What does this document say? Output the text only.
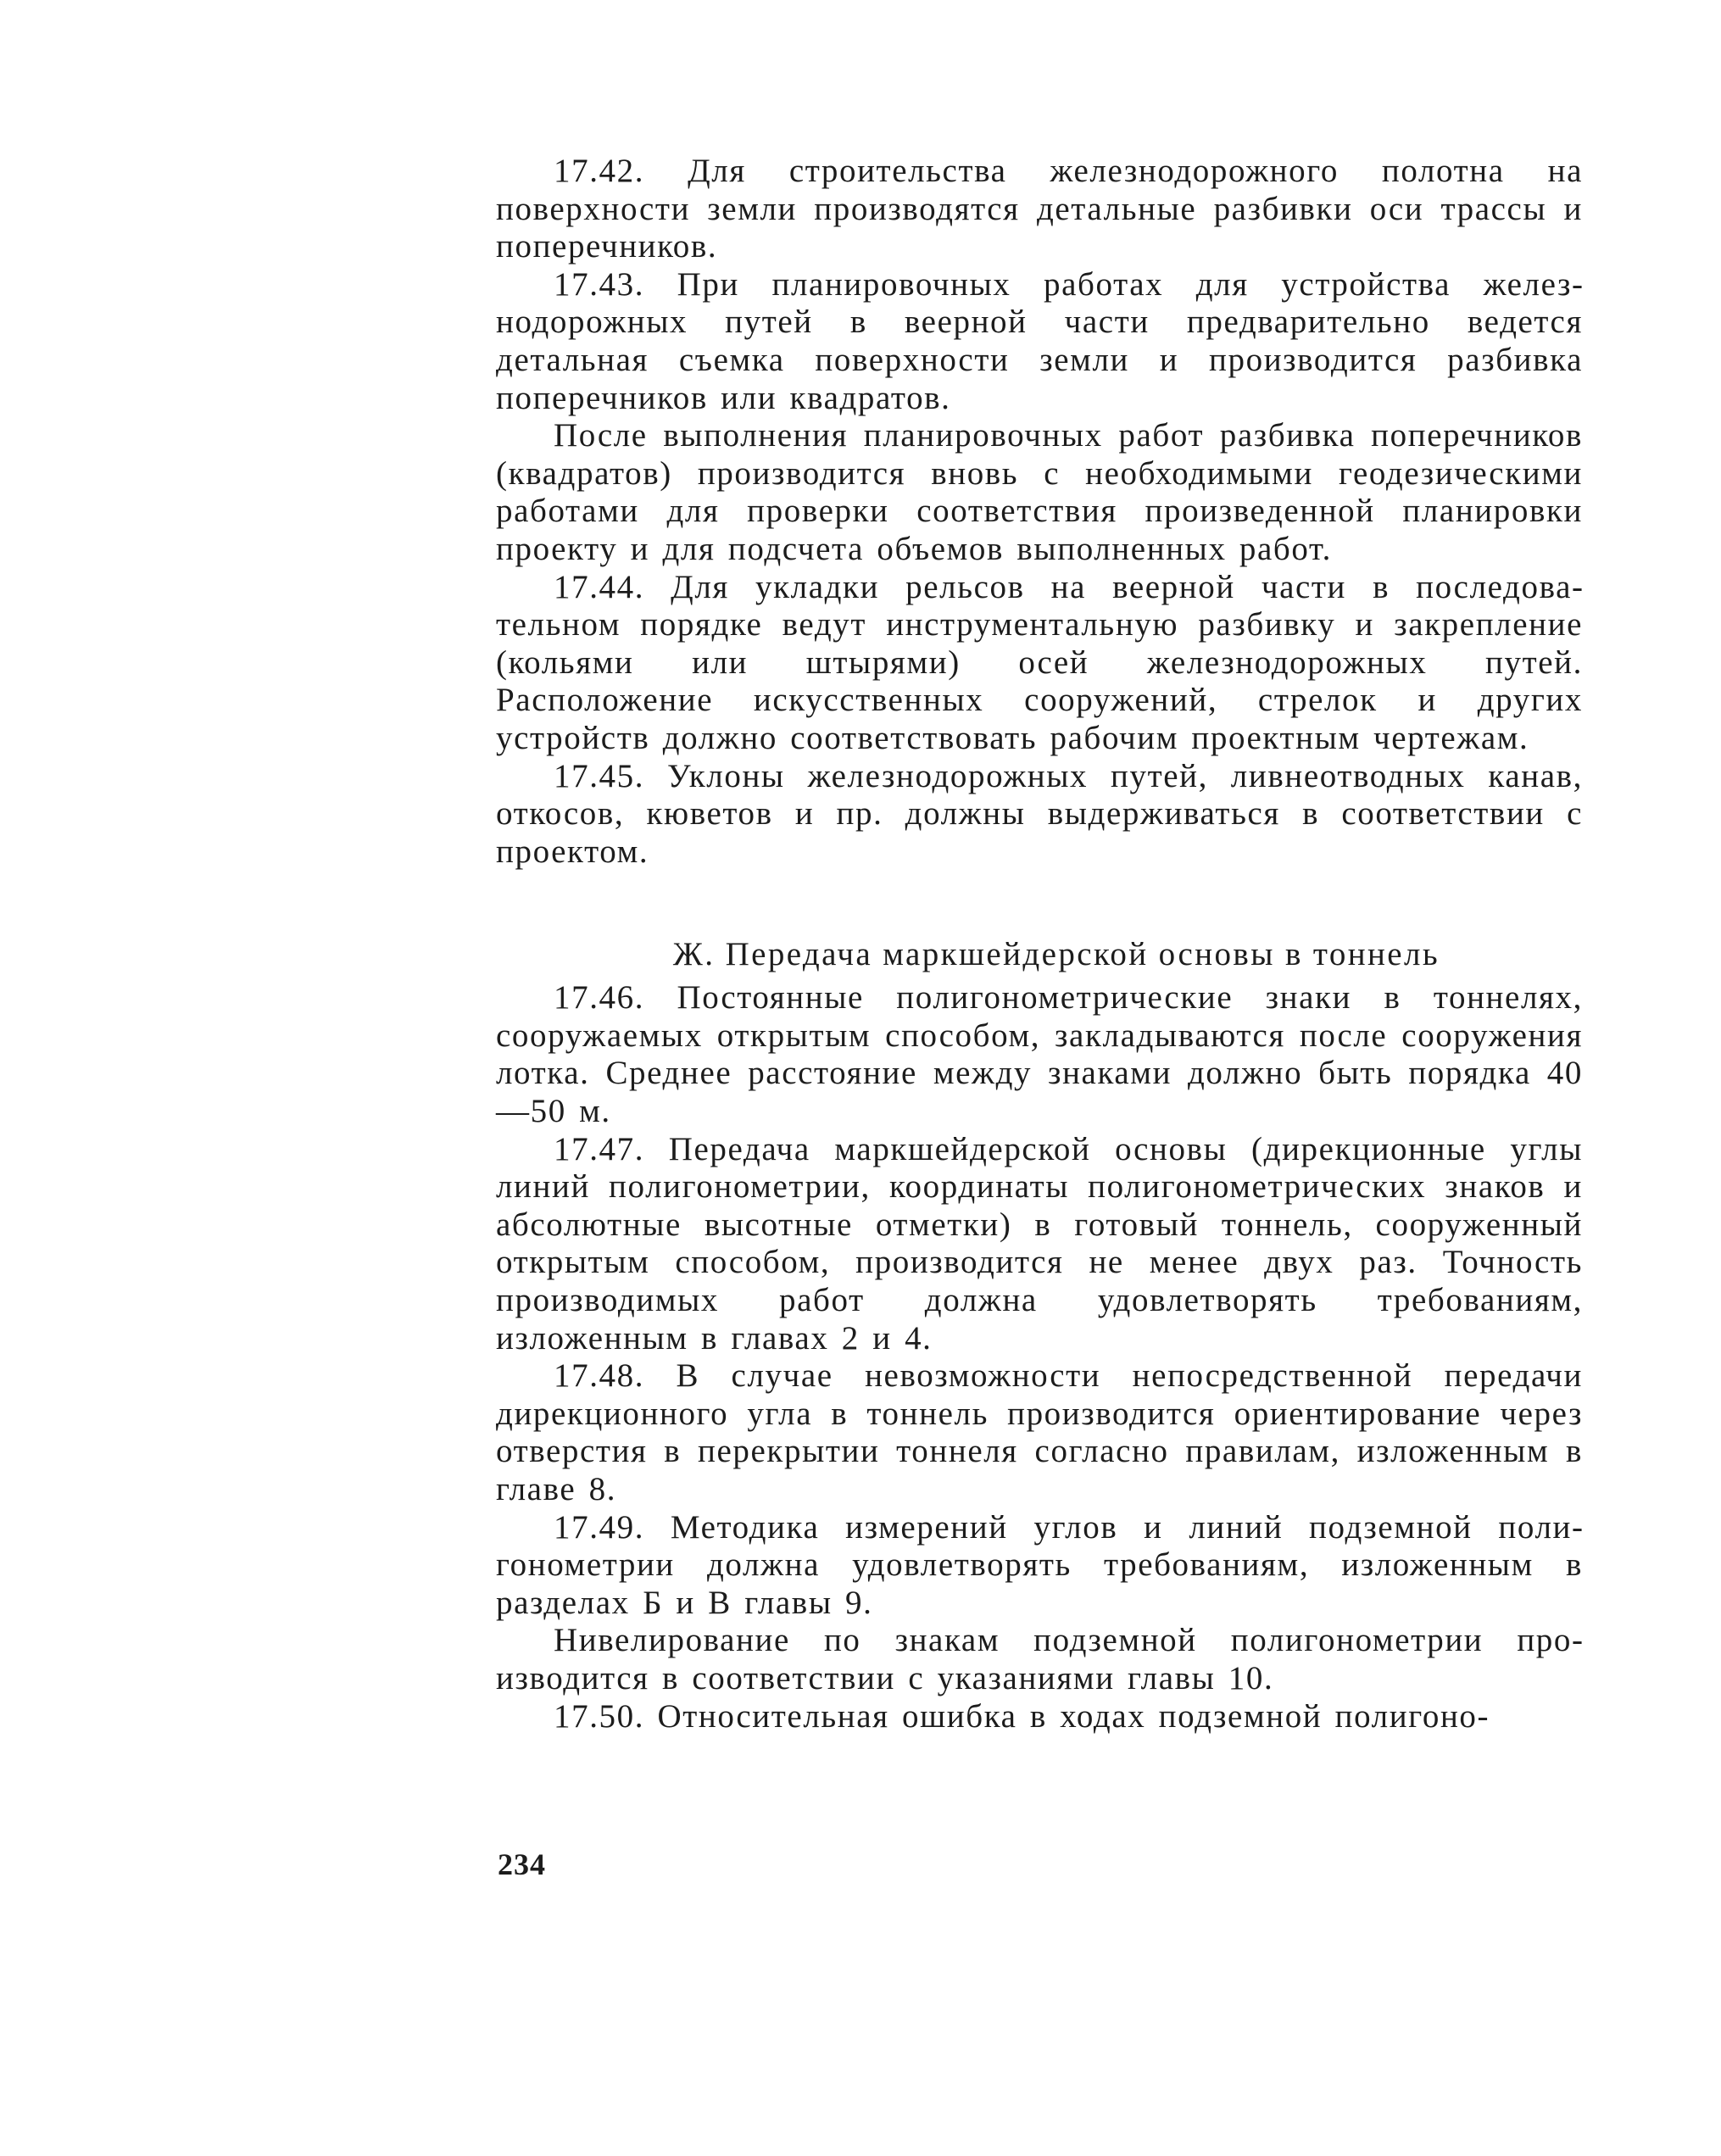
17.42. Для строительства железнодорожного полотна на поверхности земли производятся детальные разбивки оси трассы и поперечников.

17.43. При планировочных работах для устройства железнодорожных путей в веерной части предварительно ведется детальная съемка поверхности земли и производится разбивка поперечников или квадратов.

После выполнения планировочных работ разбивка поперечников (квадратов) производится вновь с необходимыми геодезическими работами для проверки соответствия произведенной планировки проекту и для подсчета объемов выполненных работ.

17.44. Для укладки рельсов на веерной части в последовательном порядке ведут инструментальную разбивку и закрепление (кольями или штырями) осей железнодорожных путей. Расположение искусственных сооружений, стрелок и других устройств должно соответствовать рабочим проектным чертежам.

17.45. Уклоны железнодорожных путей, ливнеотводных канав, откосов, кюветов и пр. должны выдерживаться в соответствии с проектом.

Ж. Передача маркшейдерской основы в тоннель

17.46. Постоянные полигонометрические знаки в тоннелях, сооружаемых открытым способом, закладываются после сооружения лотка. Среднее расстояние между знаками должно быть порядка 40—50 м.

17.47. Передача маркшейдерской основы (дирекционные углы линий полигонометрии, координаты полигонометрических знаков и абсолютные высотные отметки) в готовый тоннель, сооруженный открытым способом, производится не менее двух раз. Точность производимых работ должна удовлетворять требованиям, изложенным в главах 2 и 4.

17.48. В случае невозможности непосредственной передачи дирекционного угла в тоннель производится ориентирование через отверстия в перекрытии тоннеля согласно правилам, изложенным в главе 8.

17.49. Методика измерений углов и линий подземной полигонометрии должна удовлетворять требованиям, изложенным в разделах Б и В главы 9.

Нивелирование по знакам подземной полигонометрии производится в соответствии с указаниями главы 10.

17.50. Относительная ошибка в ходах подземной полигоно-

234
